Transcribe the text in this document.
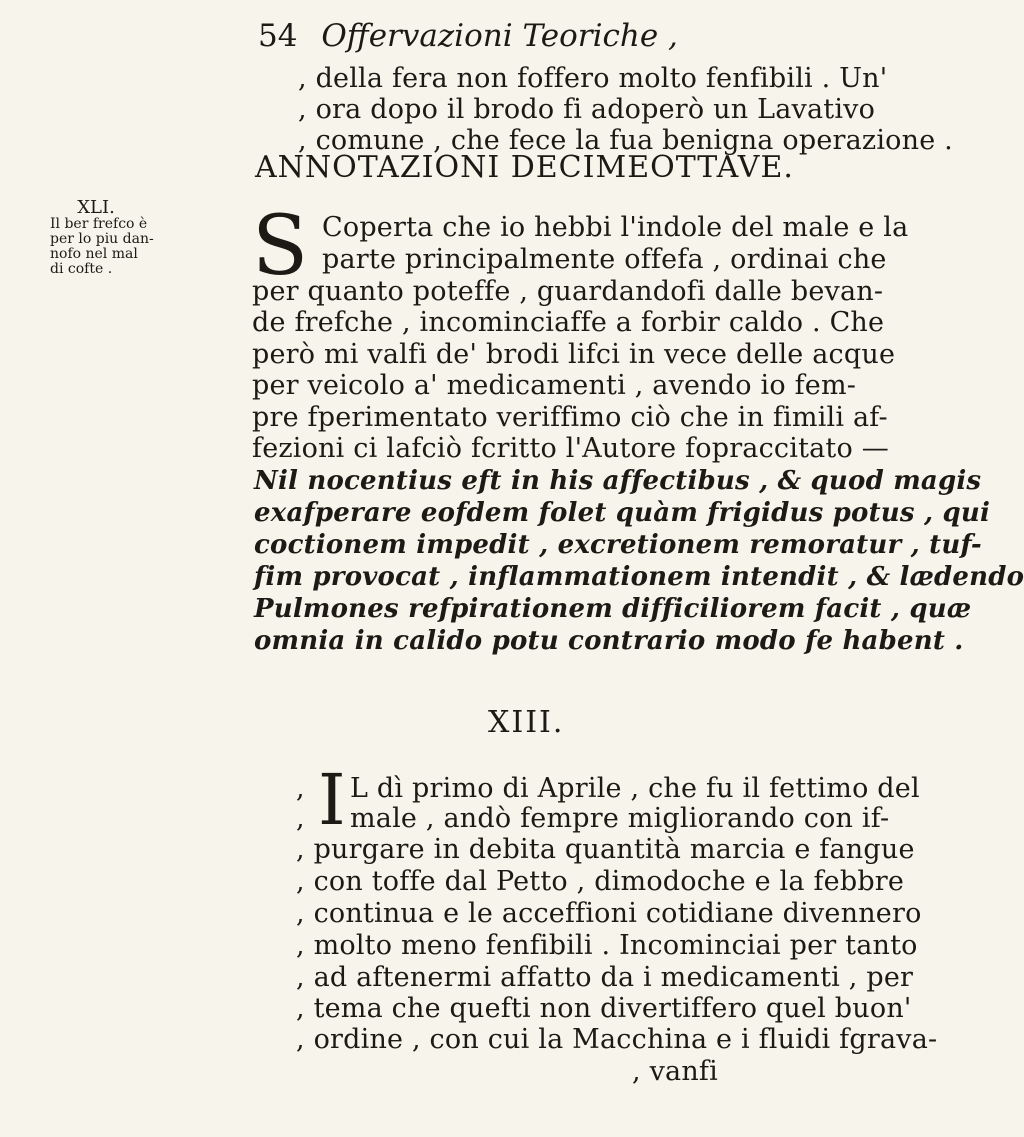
54 Offervazioni Teoriche ,
, della fera non foffero molto fenfibili . Un'
, ora dopo il brodo fi adoperò un Lavativo
, comune , che fece la fua benigna operazione .
ANNOTAZIONI DECIMEOTTAVE.
XLI.
Il ber frefco è
per lo piu dan-
nofo nel mal
di cofte .	S Coperta che io hebbi l'indole del male e la
parte principalmente offefa , ordinai che
per quanto poteffe , guardandofi dalle bevan-
de frefche , incominciaffe a forbir caldo . Che
però mi valfi de' brodi lifci in vece delle acque
per veicolo a' medicamenti , avendo io fem-
pre fperimentato veriffimo ciò che in fimili af-
fezioni ci lafciò fcritto l'Autore fopraccitato —
Nil nocentius eft in his affectibus , & quod magis
exafperare eofdem folet quàm frigidus potus , qui
coctionem impedit , excretionem remoratur , tuf-
fim provocat , inflammationem intendit , & lædendo
Pulmones refpirationem difficiliorem facit , quæ
omnia in calido potu contrario modo fe habent .
XIII.
,
, I L dì primo di Aprile , che fu il fettimo del
male , andò fempre migliorando con if-
, purgare in debita quantità marcia e fangue
, con toffe dal Petto , dimodoche e la febbre
, continua e le acceffioni cotidiane divennero
, molto meno fenfibili . Incominciai per tanto
, ad aftenermi affatto da i medicamenti , per
, tema che quefti non divertiffero quel buon'
, ordine , con cui la Macchina e i fluidi fgrava-
, vanfi
